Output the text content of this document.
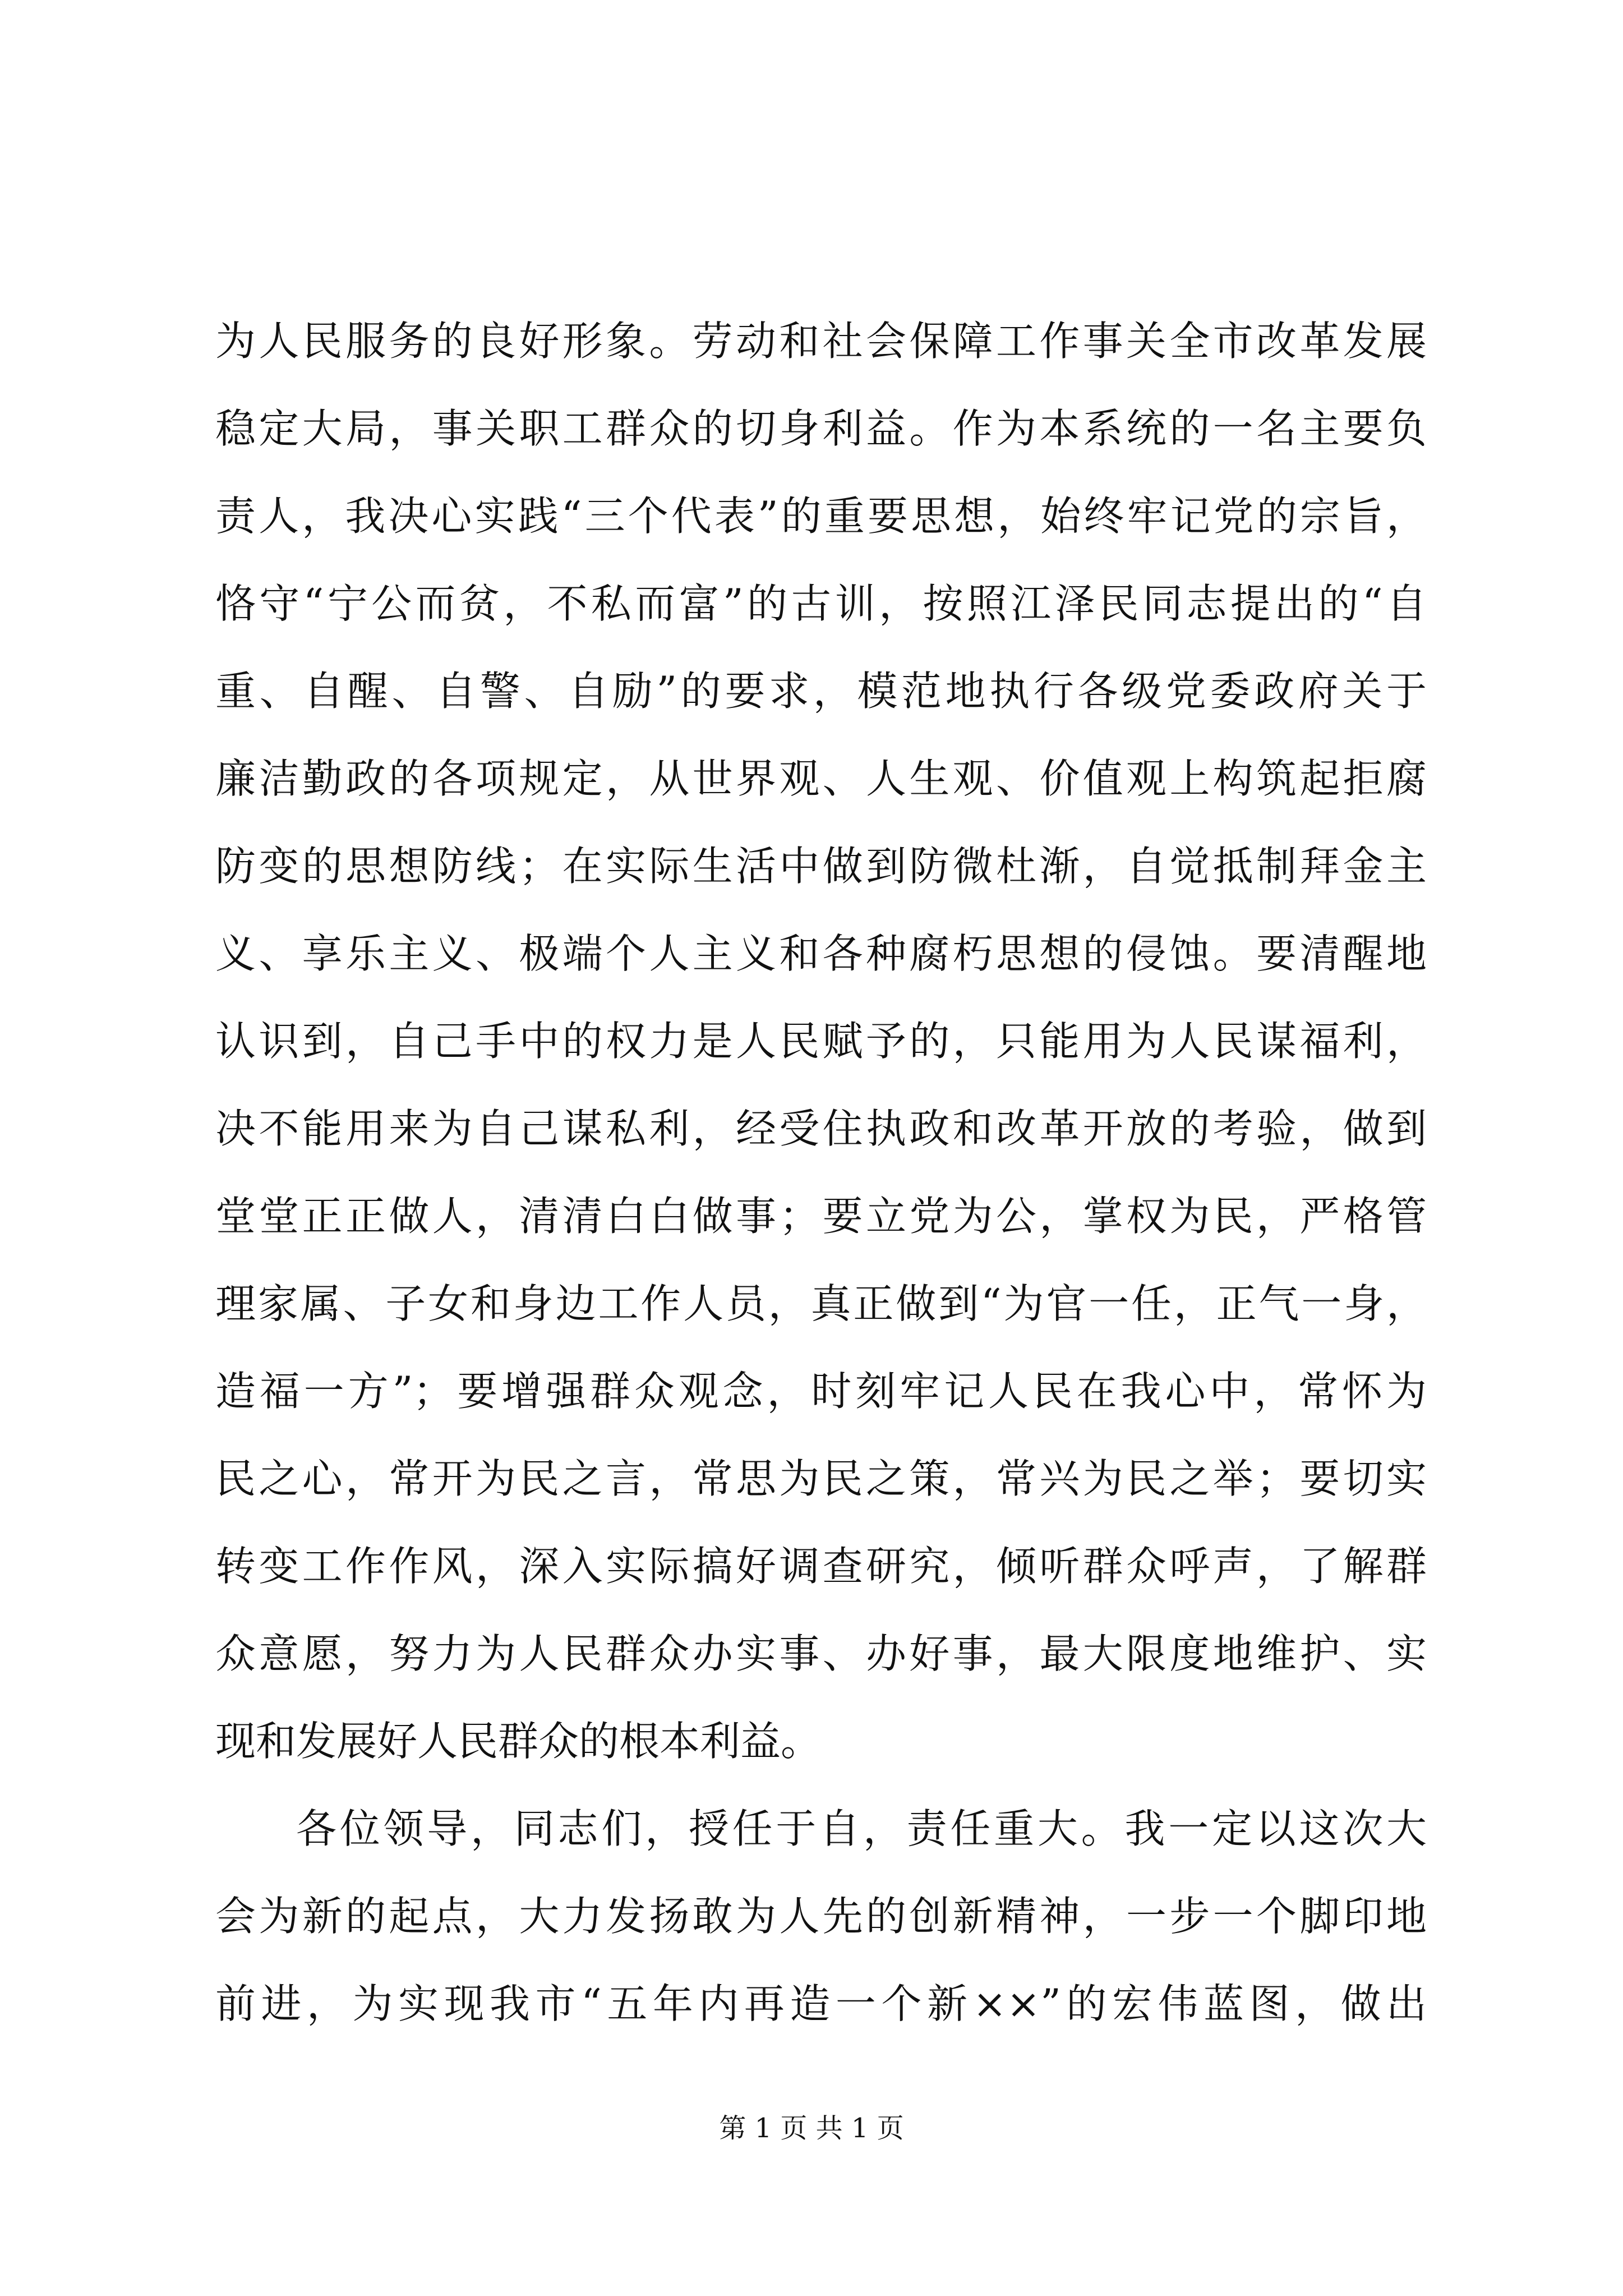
为人民服务的良好形象。劳动和社会保障工作事关全市改革发展
稳定大局，事关职工群众的切身利益。作为本系统的一名主要负
责人，我决心实践“三个代表”的重要思想，始终牢记党的宗旨，
恪守“宁公而贫，不私而富”的古训，按照江泽民同志提出的“自
重、自醒、自警、自励”的要求，模范地执行各级党委政府关于
廉洁勤政的各项规定，从世界观、人生观、价值观上构筑起拒腐
防变的思想防线；在实际生活中做到防微杜渐，自觉抵制拜金主
义、享乐主义、极端个人主义和各种腐朽思想的侵蚀。要清醒地
认识到，自己手中的权力是人民赋予的，只能用为人民谋福利，
决不能用来为自己谋私利，经受住执政和改革开放的考验，做到
堂堂正正做人，清清白白做事；要立党为公，掌权为民，严格管
理家属、子女和身边工作人员，真正做到“为官一任，正气一身，
造福一方”；要增强群众观念，时刻牢记人民在我心中，常怀为
民之心，常开为民之言，常思为民之策，常兴为民之举；要切实
转变工作作风，深入实际搞好调查研究，倾听群众呼声，了解群
众意愿，努力为人民群众办实事、办好事，最大限度地维护、实
现和发展好人民群众的根本利益。
各位领导，同志们，授任于自，责任重大。我一定以这次大
会为新的起点，大力发扬敢为人先的创新精神，一步一个脚印地
前进，为实现我市“五年内再造一个新××”的宏伟蓝图，做出
第 1 页 共 1 页
